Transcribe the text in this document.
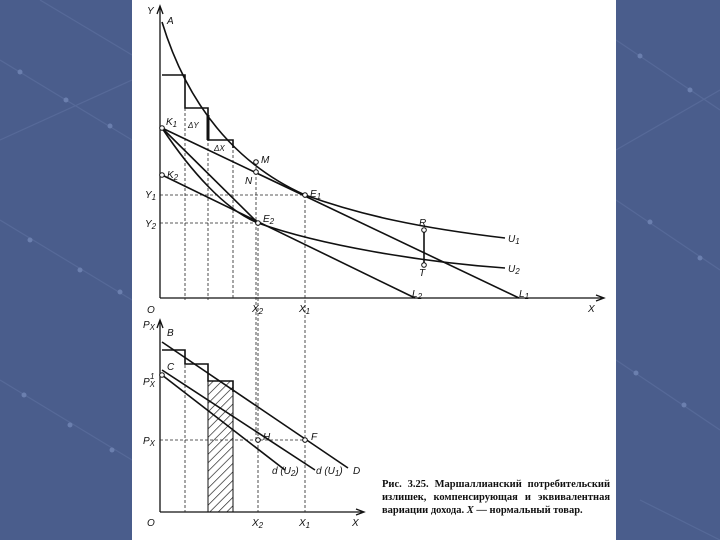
Y
A
$K_1$
$K_2$
ΔY
ΔX
M
N
$Y_1$
$Y_2$
$E_1$
$E_2$	R
T
$U_1$
$U_2$
O	$X_2$	$X_1$
$L_2$	$L_1$
X
$P_X$
B
C
$P_X1$
$P_X$
H	F
d $(U_2)$ d $(U_1)$ D
O	$X_2$	$X_1$	X
Рис. 3.25. Маршаллианский потребительский излишек, компенсирующая и эквивалентная вариации дохода. X — нормальный товар.
